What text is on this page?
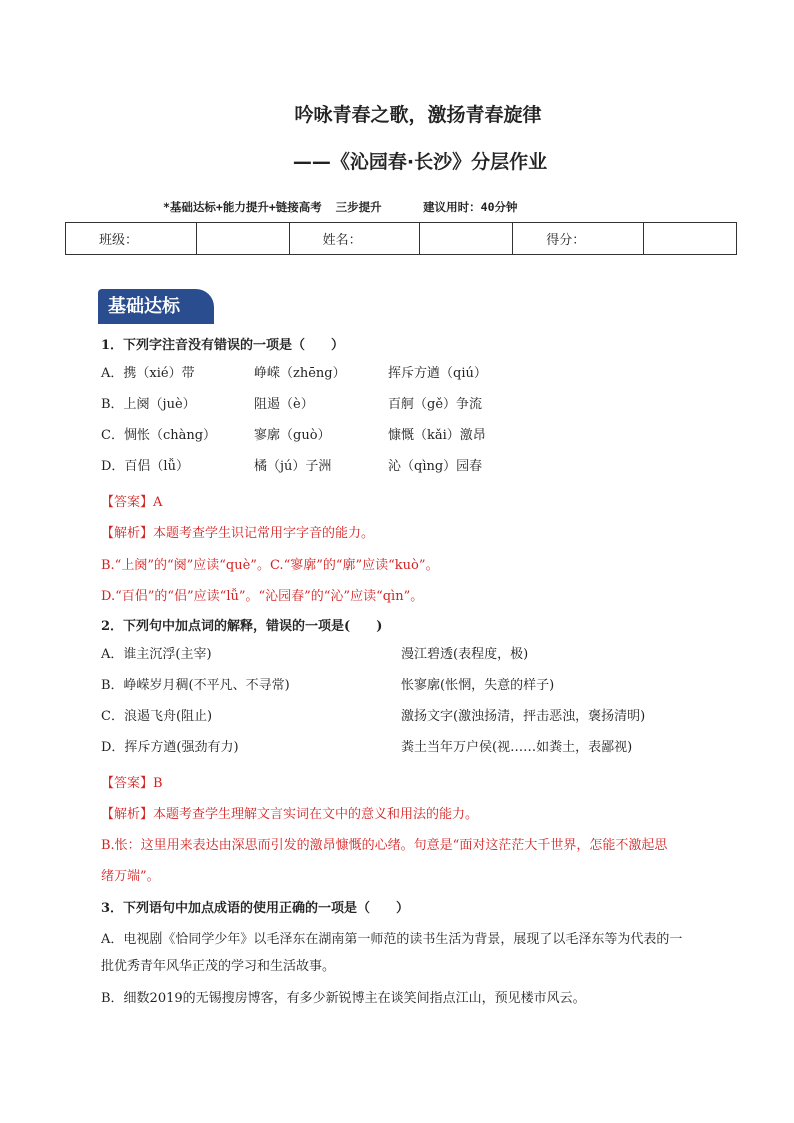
吟咏青春之歌，激扬青春旋律
——《沁园春·长沙》分层作业
*基础达标+能力提升+链接高考  三步提升      建议用时：40分钟
班级：		姓名：		得分：	
基础达标
1．下列字注音没有错误的一项是（　　）
A．携（xié）带	峥嵘（zhēng）	挥斥方遒（qiú）
B．上阕（juè）	阻遏（è）	百舸（gě）争流
C．惆怅（chàng）	寥廓（guò）	慷慨（kǎi）激昂
D．百侣（lǚ）	橘（jú）子洲	沁（qìng）园春
【答案】A
【解析】本题考查学生识记常用字字音的能力。
B.“上阕”的“阕”应读“què”。C.“寥廓”的“廓”应读“kuò”。
D.“百侣”的“侣”应读“lǚ”。“沁园春”的“沁”应读“qìn”。
2．下列句中加点词的解释，错误的一项是(　　)
A．谁主沉浮(主宰)	漫江碧透(表程度，极)
B．峥嵘岁月稠(不平凡、不寻常)	怅寥廓(怅惘，失意的样子)
C．浪遏飞舟(阻止)	激扬文字(激浊扬清，抨击恶浊，褒扬清明)
D．挥斥方遒(强劲有力)	粪土当年万户侯(视……如粪土，表鄙视)
【答案】B
【解析】本题考查学生理解文言实词在文中的意义和用法的能力。
B.怅：这里用来表达由深思而引发的激昂慷慨的心绪。句意是“面对这茫茫大千世界，怎能不激起思
绪万端”。
3．下列语句中加点成语的使用正确的一项是（　　）
A．电视剧《恰同学少年》以毛泽东在湖南第一师范的读书生活为背景，展现了以毛泽东等为代表的一
批优秀青年风华正茂的学习和生活故事。
B．细数2019的无锡搜房博客，有多少新锐博主在谈笑间指点江山，预见楼市风云。
